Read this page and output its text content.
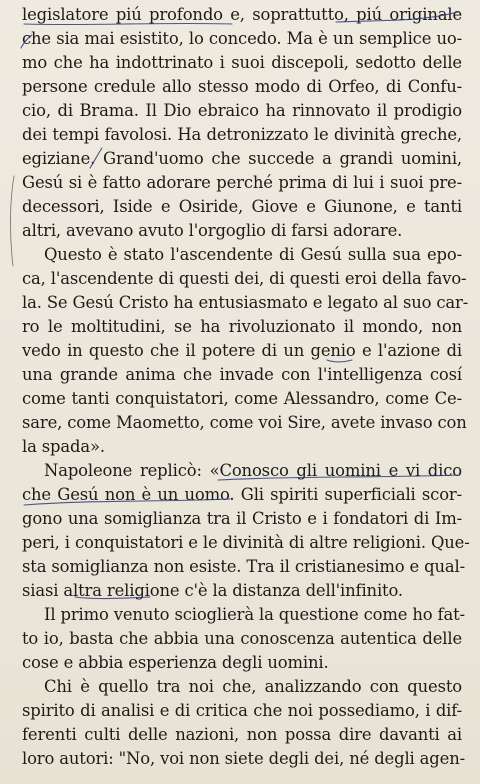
legislatore piú profondo e, soprattutto, piú originale
che sia mai esistito, lo concedo. Ma è un semplice uo-
mo che ha indottrinato i suoi discepoli, sedotto delle
persone credule allo stesso modo di Orfeo, di Confu-
cio, di Brama. Il Dio ebraico ha rinnovato il prodigio
dei tempi favolosi. Ha detronizzato le divinità greche,
egiziane. Grand'uomo che succede a grandi uomini,
Gesú si è fatto adorare perché prima di lui i suoi pre-
decessori, Iside e Osiride, Giove e Giunone, e tanti
altri, avevano avuto l'orgoglio di farsi adorare.
Questo è stato l'ascendente di Gesú sulla sua epo-
ca, l'ascendente di questi dei, di questi eroi della favo-
la. Se Gesú Cristo ha entusiasmato e legato al suo car-
ro le moltitudini, se ha rivoluzionato il mondo, non
vedo in questo che il potere di un genio e l'azione di
una grande anima che invade con l'intelligenza cosí
come tanti conquistatori, come Alessandro, come Ce-
sare, come Maometto, come voi Sire, avete invaso con
la spada».
Napoleone replicò: «Conosco gli uomini e vi dico
che Gesú non è un uomo. Gli spiriti superficiali scor-
gono una somiglianza tra il Cristo e i fondatori di Im-
peri, i conquistatori e le divinità di altre religioni. Que-
sta somiglianza non esiste. Tra il cristianesimo e qual-
siasi altra religione c'è la distanza dell'infinito.
Il primo venuto scioglierà la questione come ho fat-
to io, basta che abbia una conoscenza autentica delle
cose e abbia esperienza degli uomini.
Chi è quello tra noi che, analizzando con questo
spirito di analisi e di critica che noi possediamo, i dif-
ferenti culti delle nazioni, non possa dire davanti ai
loro autori: "No, voi non siete degli dei, né degli agen-
